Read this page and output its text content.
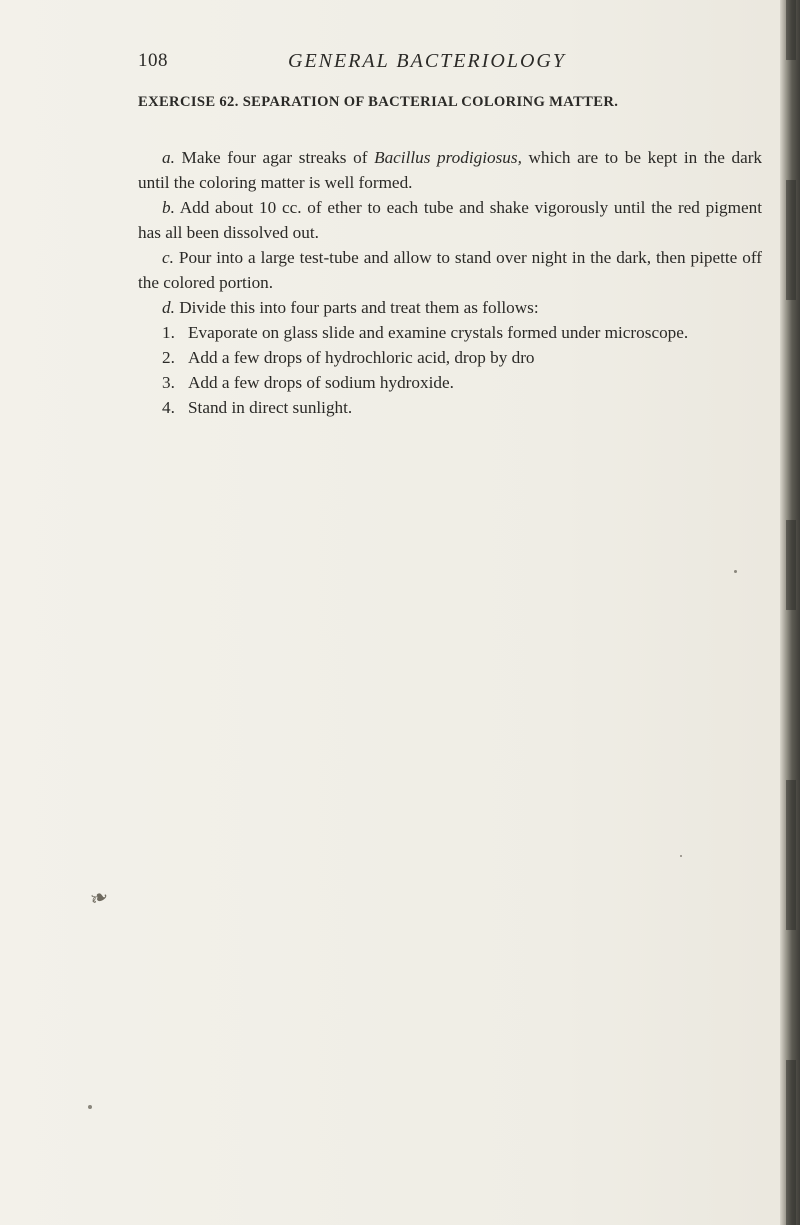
108	GENERAL BACTERIOLOGY
EXERCISE 62. SEPARATION OF BACTERIAL COLORING MATTER.

a. Make four agar streaks of Bacillus prodigiosus, which are to be kept in the dark until the coloring matter is well formed.

b. Add about 10 cc. of ether to each tube and shake vigorously until the red pigment has all been dissolved out.

c. Pour into a large test-tube and allow to stand over night in the dark, then pipette off the colored portion.

d. Divide this into four parts and treat them as follows:

1. Evaporate on glass slide and examine crystals formed under microscope.
2. Add a few drops of hydrochloric acid, drop by dro
3. Add a few drops of sodium hydroxide.
4. Stand in direct sunlight.
❧
